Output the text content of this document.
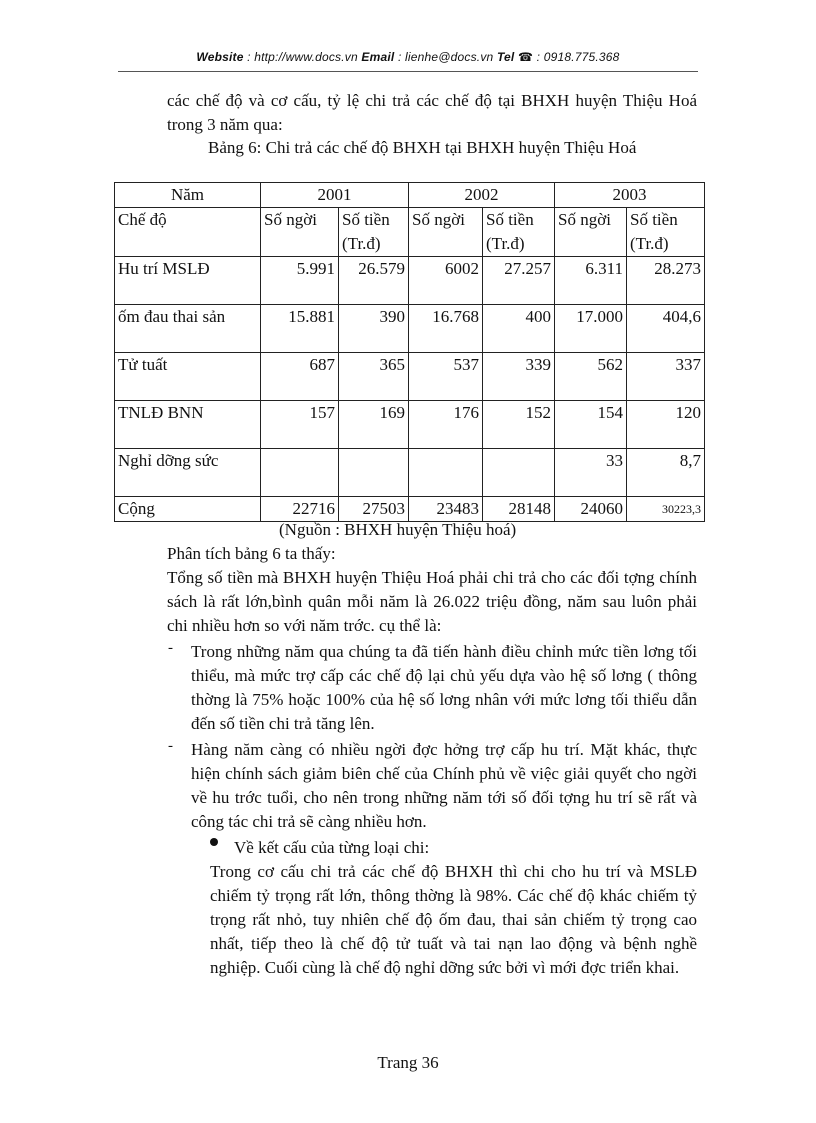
Website : http://www.docs.vn Email : lienhe@docs.vn Tel ☎ : 0918.775.368
các chế độ và cơ cấu, tỷ lệ chi trả các chế độ tại BHXH huyện Thiệu Hoá trong 3 năm qua:
Bảng 6: Chi trả các chế độ BHXH tại BHXH huyện Thiệu Hoá
Năm	2001		2002		2003	
Chế độ	Số ngời	Số tiền (Tr.đ)	Số ngời	Số tiền (Tr.đ)	Số ngời	Số tiền (Tr.đ)
Hu trí MSLĐ	5.991	26.579	6002	27.257	6.311	28.273
ốm đau thai sản	15.881	390	16.768	400	17.000	404,6
Tử tuất	687	365	537	339	562	337
TNLĐ BNN	157	169	176	152	154	120
Nghỉ dỡng sức					33	8,7
Cộng	22716	27503	23483	28148	24060	30223,3
(Nguồn : BHXH huyện Thiệu hoá)
Phân tích bảng 6 ta thấy:
Tổng số tiền mà BHXH huyện Thiệu Hoá phải chi trả cho các đối tợng chính sách là rất lớn,bình quân mỗi năm là 26.022 triệu đồng, năm sau luôn phải chi nhiều hơn so với năm trớc. cụ thể là:
- Trong những năm qua chúng ta đã tiến hành điều chỉnh mức tiền lơng tối thiểu, mà mức trợ cấp các chế độ lại chủ yếu dựa vào hệ số lơng ( thông thờng là 75% hoặc 100% của hệ số lơng nhân với mức lơng tối thiểu dẫn đến số tiền chi trả tăng lên.
- Hàng năm càng có nhiều ngời đợc hởng trợ cấp hu trí. Mặt khác, thực hiện chính sách giảm biên chế của Chính phủ về việc giải quyết cho ngời về hu trớc tuổi, cho nên trong những năm tới số đối tợng hu trí sẽ rất và công tác chi trả sẽ càng nhiều hơn.
Về kết cấu của từng loại chi:
Trong cơ cấu chi trả các chế độ BHXH thì chi cho hu trí và MSLĐ chiếm tỷ trọng rất lớn, thông thờng là 98%. Các chế độ khác chiếm tỷ trọng rất nhỏ, tuy nhiên chế độ ốm đau, thai sản chiếm tỷ trọng cao nhất, tiếp theo là chế độ tử tuất và tai nạn lao động và bệnh nghề nghiệp. Cuối cùng là chế độ nghỉ dỡng sức bởi vì mới đợc triển khai.
Trang 36
